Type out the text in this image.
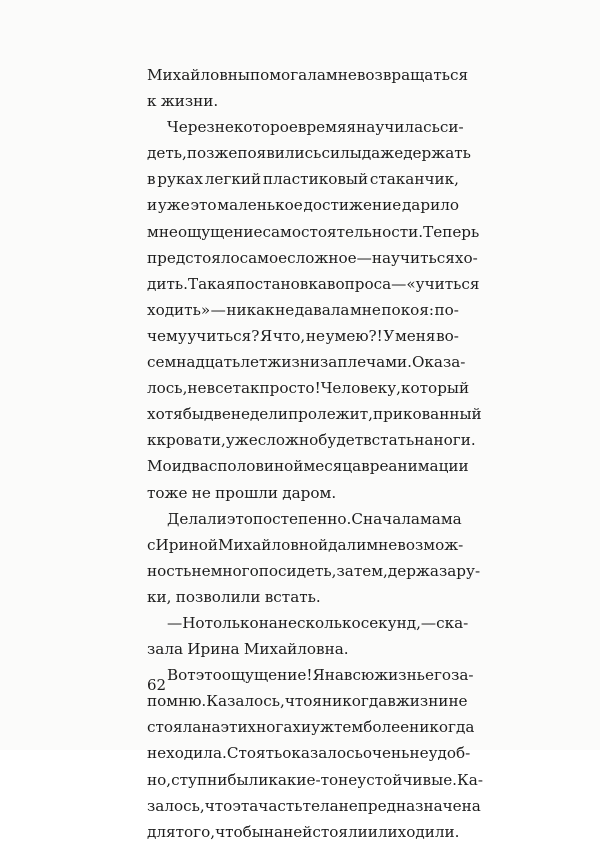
Михайловны помогала мне возвращаться
к жизни.
Через некоторое время я научилась си-
деть, позже появились силы даже держать
в руках легкий пластиковый стаканчик,
и уже это маленькое достижение дарило
мне ощущение самостоятельности. Теперь
предстояло самое сложное — научиться хо-
дить. Такая постановка вопроса — «учиться
ходить» — никак не давала мне покоя: по-
чему учиться? Я что, не умею?! У меня во-
семнадцать лет жизни за плечами. Оказа-
лось, не все так просто! Человеку, который
хотя бы две недели пролежит, прикованный
к кровати, уже сложно будет встать на ноги.
Мои два с половиной месяца в реанимации
тоже не прошли даром.
Делали это постепенно. Сначала мама
с Ириной Михайловной дали мне возмож-
ность немного посидеть, затем, держа за ру-
ки, позволили встать.
— Но только на несколько секунд, — ска-
зала Ирина Михайловна.
Вот это ощущение! Я на всю жизнь его за-
помню. Казалось, что я никогда в жизни не
стояла на этих ногах и уж тем более никогда
не ходила. Стоять оказалось очень неудоб-
но, ступни были какие-то неустойчивые. Ка-
залось, что эта часть тела не предназначена
для того, чтобы на ней стояли или ходили.
62
